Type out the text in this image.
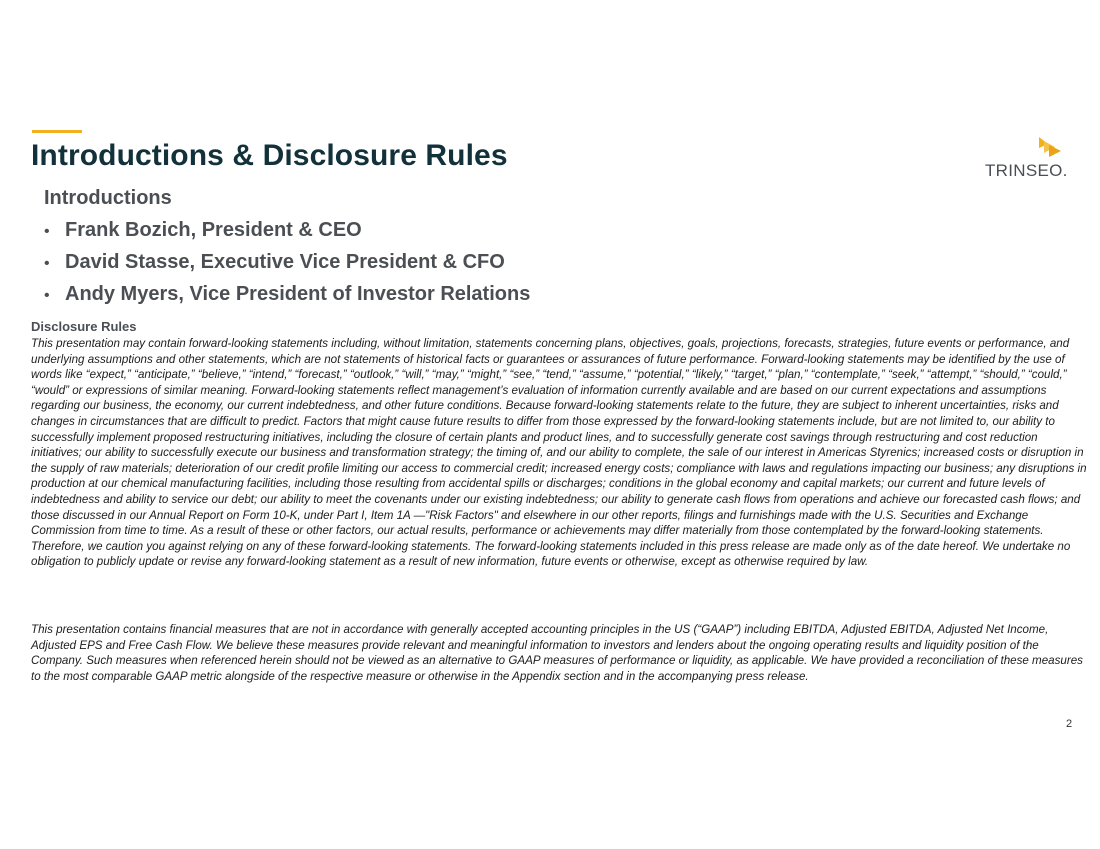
Introductions & Disclosure Rules	TRINSEO.
Introductions
• Frank Bozich, President & CEO
• David Stasse, Executive Vice President & CFO
• Andy Myers, Vice President of Investor Relations
Disclosure Rules

This presentation may contain forward-looking statements including, without limitation, statements concerning plans, objectives, goals, projections, forecasts, strategies, future events or performance, and underlying assumptions and other statements, which are not statements of historical facts or guarantees or assurances of future performance. Forward-looking statements may be identified by the use of words like “expect,” “anticipate,” “believe,” “intend,” “forecast,” “outlook,” “will,” “may,” “might,” “see,” “tend,” “assume,” “potential,” “likely,” “target,” “plan,” “contemplate,” “seek,” “attempt,” “should,” “could,” “would” or expressions of similar meaning. Forward-looking statements reflect management’s evaluation of information currently available and are based on our current expectations and assumptions regarding our business, the economy, our current indebtedness, and other future conditions. Because forward-looking statements relate to the future, they are subject to inherent uncertainties, risks and changes in circumstances that are difficult to predict. Factors that might cause future results to differ from those expressed by the forward-looking statements include, but are not limited to, our ability to successfully implement proposed restructuring initiatives, including the closure of certain plants and product lines, and to successfully generate cost savings through restructuring and cost reduction initiatives; our ability to successfully execute our business and transformation strategy; the timing of, and our ability to complete, the sale of our interest in Americas Styrenics; increased costs or disruption in the supply of raw materials; deterioration of our credit profile limiting our access to commercial credit; increased energy costs; compliance with laws and regulations impacting our business; any disruptions in production at our chemical manufacturing facilities, including those resulting from accidental spills or discharges; conditions in the global economy and capital markets; our current and future levels of indebtedness and ability to service our debt; our ability to meet the covenants under our existing indebtedness; our ability to generate cash flows from operations and achieve our forecasted cash flows; and those discussed in our Annual Report on Form 10-K, under Part I, Item 1A —"Risk Factors" and elsewhere in our other reports, filings and furnishings made with the U.S. Securities and Exchange Commission from time to time. As a result of these or other factors, our actual results, performance or achievements may differ materially from those contemplated by the forward-looking statements. Therefore, we caution you against relying on any of these forward-looking statements. The forward-looking statements included in this press release are made only as of the date hereof. We undertake no obligation to publicly update or revise any forward-looking statement as a result of new information, future events or otherwise, except as otherwise required by law.

This presentation contains financial measures that are not in accordance with generally accepted accounting principles in the US (“GAAP”) including EBITDA, Adjusted EBITDA, Adjusted Net Income, Adjusted EPS and Free Cash Flow. We believe these measures provide relevant and meaningful information to investors and lenders about the ongoing operating results and liquidity position of the Company. Such measures when referenced herein should not be viewed as an alternative to GAAP measures of performance or liquidity, as applicable. We have provided a reconciliation of these measures to the most comparable GAAP metric alongside of the respective measure or otherwise in the Appendix section and in the accompanying press release.

2
